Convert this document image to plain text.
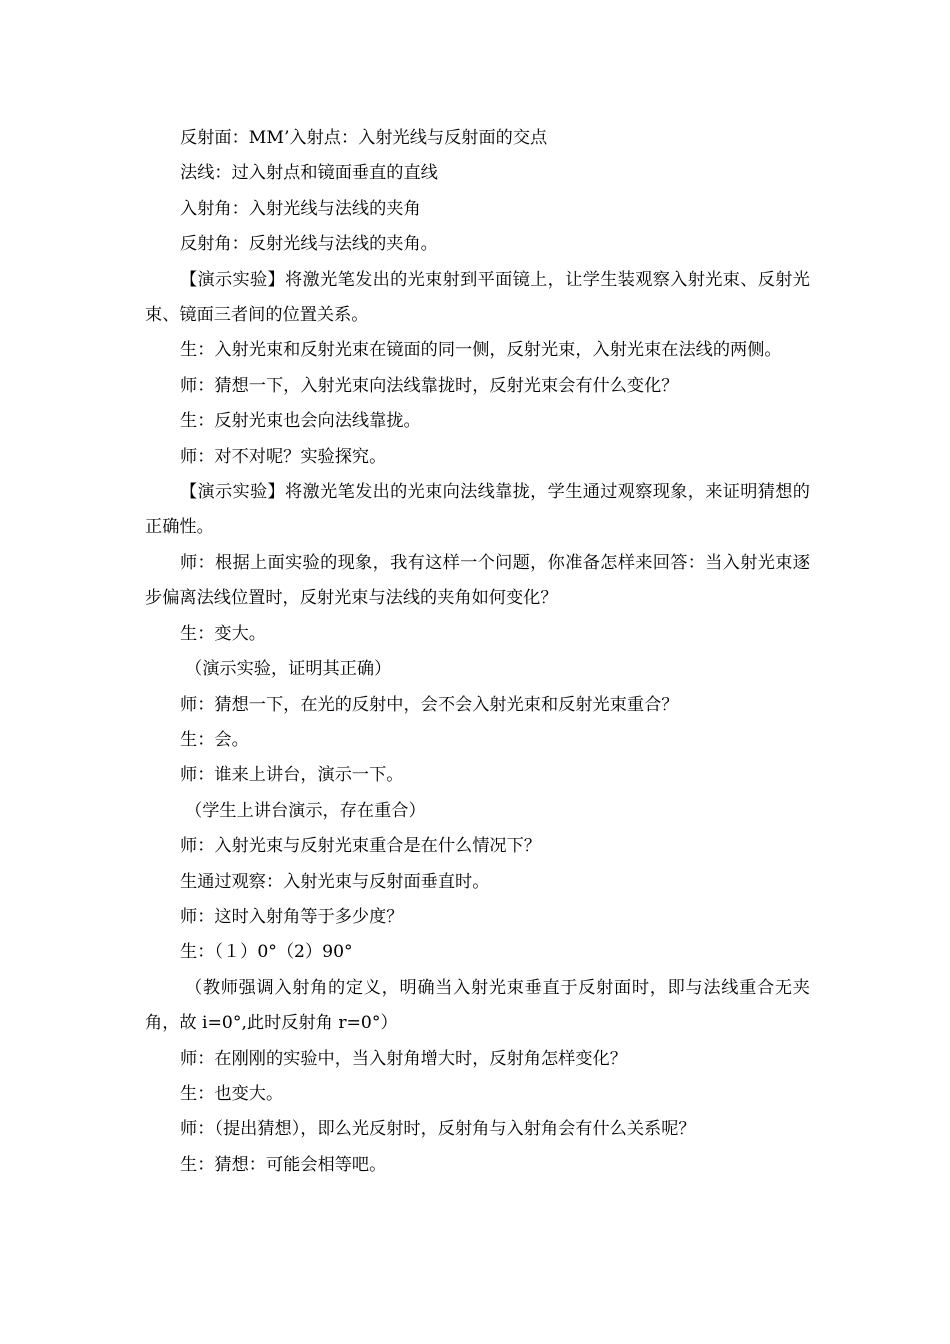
反射面：MM’入射点：入射光线与反射面的交点

法线：过入射点和镜面垂直的直线

入射角：入射光线与法线的夹角

反射角：反射光线与法线的夹角。

【演示实验】将激光笔发出的光束射到平面镜上，让学生装观察入射光束、反射光束、镜面三者间的位置关系。

生：入射光束和反射光束在镜面的同一侧，反射光束，入射光束在法线的两侧。

师：猜想一下，入射光束向法线靠拢时，反射光束会有什么变化？

生：反射光束也会向法线靠拢。

师：对不对呢？实验探究。

【演示实验】将激光笔发出的光束向法线靠拢，学生通过观察现象，来证明猜想的正确性。

师：根据上面实验的现象，我有这样一个问题，你准备怎样来回答：当入射光束逐步偏离法线位置时，反射光束与法线的夹角如何变化？

生：变大。

（演示实验，证明其正确）

师：猜想一下，在光的反射中，会不会入射光束和反射光束重合？

生：会。

师：谁来上讲台，演示一下。

（学生上讲台演示，存在重合）

师：入射光束与反射光束重合是在什么情况下？

生通过观察：入射光束与反射面垂直时。

师：这时入射角等于多少度？

生：（１）0°（2）90°

（教师强调入射角的定义，明确当入射光束垂直于反射面时，即与法线重合无夹角，故 i=0°,此时反射角 r=0°）

师：在刚刚的实验中，当入射角增大时，反射角怎样变化？

生：也变大。

师：（提出猜想），即么光反射时，反射角与入射角会有什么关系呢？

生：猜想：可能会相等吧。
